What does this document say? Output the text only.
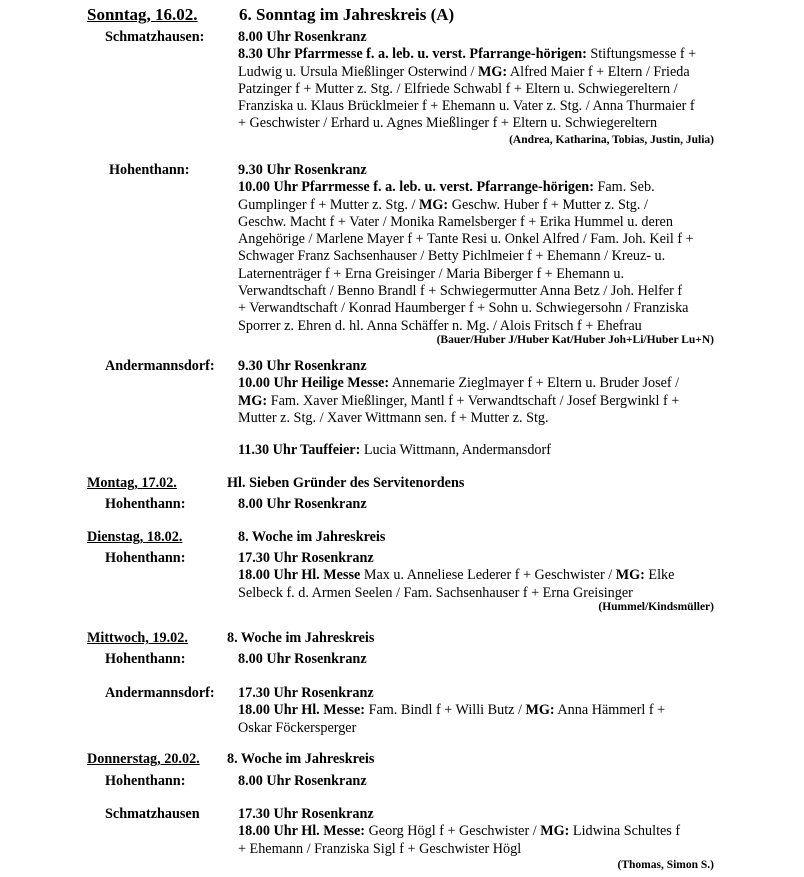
Sonntag, 16.02. 6. Sonntag im Jahreskreis (A)
Schmatzhausen: 8.00 Uhr Rosenkranz
8.30 Uhr Pfarrmesse f. a. leb. u. verst. Pfarrange-hörigen: Stiftungsmesse f +
Ludwig u. Ursula Mießlinger Osterwind / MG: Alfred Maier f + Eltern / Frieda
Patzinger f + Mutter z. Stg. / Elfriede Schwabl f + Eltern u. Schwiegereltern /
Franziska u. Klaus Brücklmeier f + Ehemann u. Vater z. Stg. / Anna Thurmaier f
+ Geschwister / Erhard u. Agnes Mießlinger f + Eltern u. Schwiegereltern
(Andrea, Katharina, Tobias, Justin, Julia)
Hohenthann:	9.30 Uhr Rosenkranz
10.00 Uhr Pfarrmesse f. a. leb. u. verst. Pfarrange-hörigen: Fam. Seb.
Gumplinger f + Mutter z. Stg. / MG: Geschw. Huber f + Mutter z. Stg. /
Geschw. Macht f + Vater / Monika Ramelsberger f + Erika Hummel u. deren
Angehörige / Marlene Mayer f + Tante Resi u. Onkel Alfred / Fam. Joh. Keil f +
Schwager Franz Sachsenhauser / Betty Pichlmeier f + Ehemann / Kreuz- u.
Laternenträger f + Erna Greisinger / Maria Biberger f + Ehemann u.
Verwandtschaft / Benno Brandl f + Schwiegermutter Anna Betz / Joh. Helfer f
+ Verwandtschaft / Konrad Haumberger f + Sohn u. Schwiegersohn / Franziska
Sporrer z. Ehren d. hl. Anna Schäffer n. Mg. / Alois Fritsch f + Ehefrau
(Bauer/Huber J/Huber Kat/Huber Joh+Li/Huber Lu+N)
Andermannsdorf: 9.30 Uhr Rosenkranz
10.00 Uhr Heilige Messe: Annemarie Zieglmayer f + Eltern u. Bruder Josef /
MG: Fam. Xaver Mießlinger, Mantl f + Verwandtschaft / Josef Bergwinkl f +
Mutter z. Stg. / Xaver Wittmann sen. f + Mutter z. Stg.
11.30 Uhr Tauffeier: Lucia Wittmann, Andermansdorf
Montag, 17.02.	Hl. Sieben Gründer des Servitenordens
Hohenthann:	8.00 Uhr Rosenkranz
Dienstag, 18.02.	8. Woche im Jahreskreis
Hohenthann:	17.30 Uhr Rosenkranz
18.00 Uhr Hl. Messe Max u. Anneliese Lederer f + Geschwister / MG: Elke
Selbeck f. d. Armen Seelen / Fam. Sachsenhauser f + Erna Greisinger
(Hummel/Kindsmüller)
Mittwoch, 19.02.	8. Woche im Jahreskreis
Hohenthann:	8.00 Uhr Rosenkranz
Andermannsdorf: 17.30 Uhr Rosenkranz
18.00 Uhr Hl. Messe: Fam. Bindl f + Willi Butz / MG: Anna Hämmerl f +
Oskar Föckersperger
Donnerstag, 20.02. 8. Woche im Jahreskreis
Hohenthann:	8.00 Uhr Rosenkranz
Schmatzhausen	17.30 Uhr Rosenkranz
18.00 Uhr Hl. Messe: Georg Högl f + Geschwister / MG: Lidwina Schultes f
+ Ehemann / Franziska Sigl f + Geschwister Högl
(Thomas, Simon S.)
